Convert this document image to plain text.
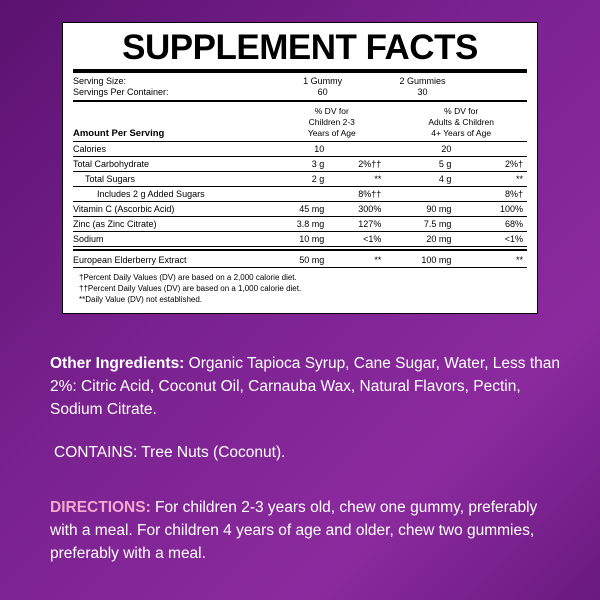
SUPPLEMENT FACTS
Serving Size:	1 Gummy	2 Gummies	
Servings Per Container:	60	30	
Amount Per Serving	
% DV for
Children 2-3
Years of Age

% DV for
Adults & Children
4+ Years of Age

Calories	10		20	
Total Carbohydrate	3 g	2%††	5 g	2%†
Total Sugars	2 g	**	4 g	**
Includes 2 g Added Sugars		8%††		8%†
Vitamin C (Ascorbic Acid)	45 mg	300%	90 mg	100%
Zinc (as Zinc Citrate)	3.8 mg	127%	7.5 mg	68%
Sodium	10 mg	<1%	20 mg	<1%
European Elderberry Extract	50 mg	**	100 mg	**
†Percent Daily Values (DV) are based on a 2,000 calorie diet.
††Percent Daily Values (DV) are based on a 1,000 calorie diet.
**Daily Value (DV) not established.

Other Ingredients: Organic Tapioca Syrup, Cane Sugar, Water, Less than 2%: Citric Acid, Coconut Oil, Carnauba Wax, Natural Flavors, Pectin, Sodium Citrate.

CONTAINS: Tree Nuts (Coconut).

DIRECTIONS: For children 2-3 years old, chew one gummy, preferably with a meal. For children 4 years of age and older, chew two gummies, preferably with a meal.
